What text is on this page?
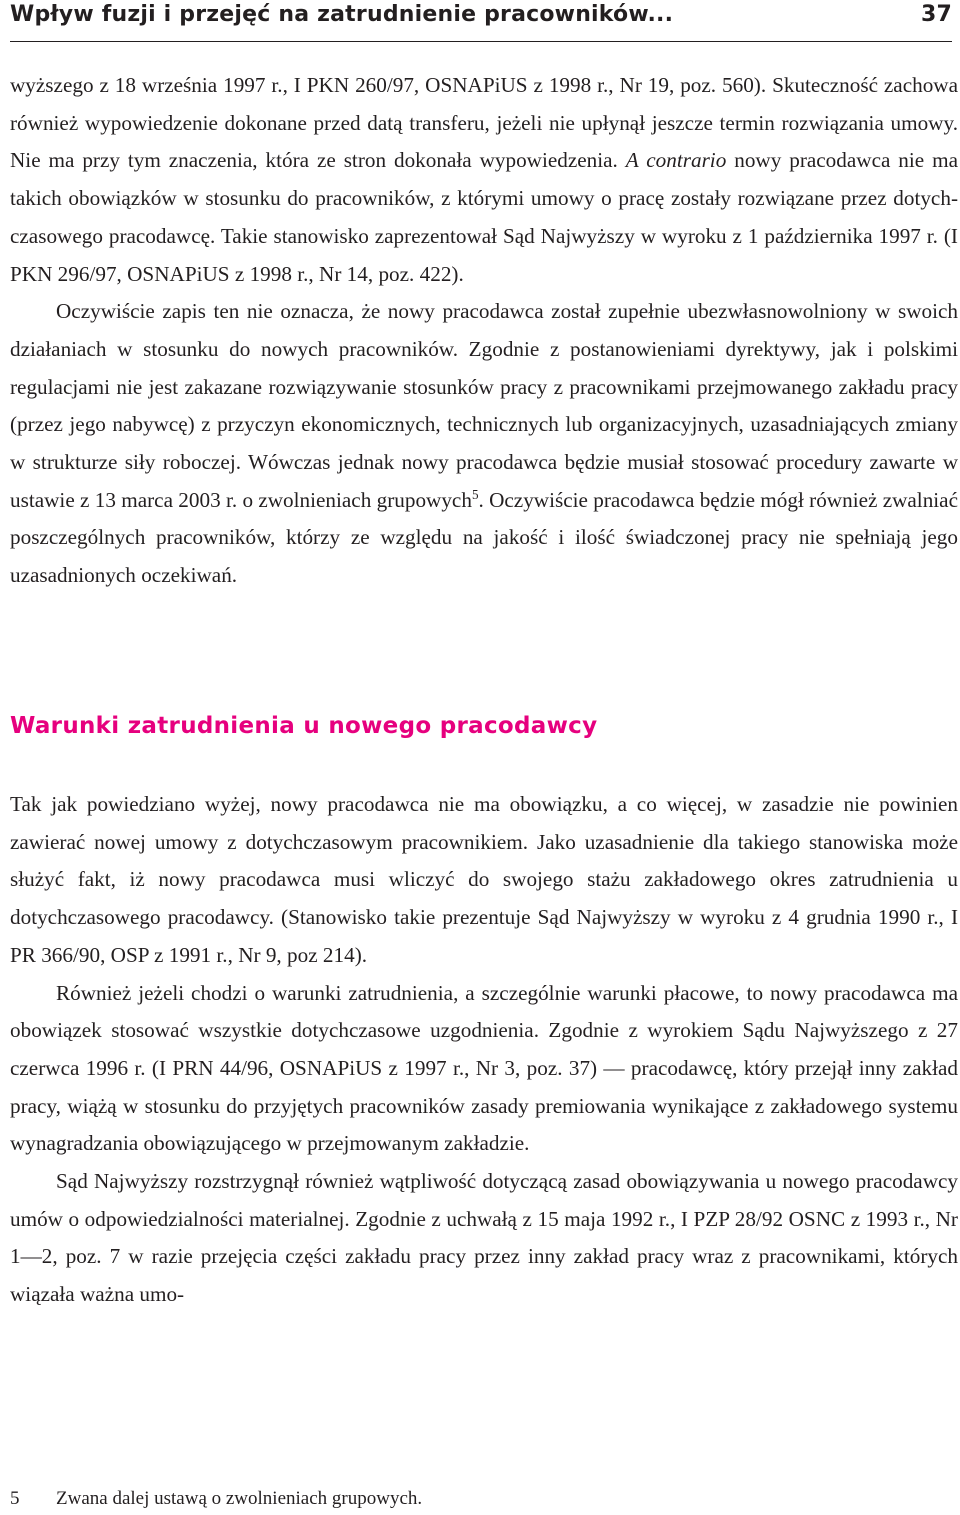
Wpływ fuzji i przejęć na zatrudnienie pracowników...	37

wyższego z 18 września 1997 r., I PKN 260/97, OSNAPiUS z 1998 r., Nr 19, poz. 560). Skuteczność zachowa również wypowiedzenie dokonane przed datą transferu, jeżeli nie upłynął jeszcze termin rozwiązania umowy. Nie ma przy tym znaczenia, która ze stron dokonała wypowiedzenia. A contrario nowy pracodawca nie ma takich obowiązków w stosunku do pracowników, z którymi umowy o pracę zostały rozwiązane przez dotychczasowego pracodawcę. Takie stanowisko zaprezentował Sąd Najwyższy w wyroku z 1 października 1997 r. (I PKN 296/97, OSNAPiUS z 1998 r., Nr 14, poz. 422).

Oczywiście zapis ten nie oznacza, że nowy pracodawca został zupełnie ubezwłasnowolniony w swoich działaniach w stosunku do nowych pracowników. Zgodnie z postanowieniami dyrektywy, jak i polskimi regulacjami nie jest zakazane rozwiązywanie stosunków pracy z pracownikami przejmowanego zakładu pracy (przez jego nabywcę) z przyczyn ekonomicznych, technicznych lub organizacyjnych, uzasadniających zmiany w strukturze siły roboczej. Wówczas jednak nowy pracodawca będzie musiał stosować procedury zawarte w ustawie z 13 marca 2003 r. o zwolnieniach grupowych$^5$. Oczywiście pracodawca będzie mógł również zwalniać poszczególnych pracowników, którzy ze względu na jakość i ilość świadczonej pracy nie spełniają jego uzasadnionych oczekiwań.

Warunki zatrudnienia u nowego pracodawcy

Tak jak powiedziano wyżej, nowy pracodawca nie ma obowiązku, a co więcej, w zasadzie nie powinien zawierać nowej umowy z dotychczasowym pracownikiem. Jako uzasadnienie dla takiego stanowiska może służyć fakt, iż nowy pracodawca musi wliczyć do swojego stażu zakładowego okres zatrudnienia u dotychczasowego pracodawcy. (Stanowisko takie prezentuje Sąd Najwyższy w wyroku z 4 grudnia 1990 r., I PR 366/90, OSP z 1991 r., Nr 9, poz 214).

Również jeżeli chodzi o warunki zatrudnienia, a szczególnie warunki płacowe, to nowy pracodawca ma obowiązek stosować wszystkie dotychczasowe uzgodnienia. Zgodnie z wyrokiem Sądu Najwyższego z 27 czerwca 1996 r. (I PRN 44/96, OSNAPiUS z 1997 r., Nr 3, poz. 37) — pracodawcę, który przejął inny zakład pracy, wiążą w stosunku do przyjętych pracowników zasady premiowania wynikające z zakładowego systemu wynagradzania obowiązującego w przejmowanym zakładzie.

Sąd Najwyższy rozstrzygnął również wątpliwość dotyczącą zasad obowiązywania u nowego pracodawcy umów o odpowiedzialności materialnej. Zgodnie z uchwałą z 15 maja 1992 r., I PZP 28/92 OSNC z 1993 r., Nr 1—2, poz. 7 w razie przejęcia części zakładu pracy przez inny zakład pracy wraz z pracownikami, których wiązała ważna umo-

5 Zwana dalej ustawą o zwolnieniach grupowych.
